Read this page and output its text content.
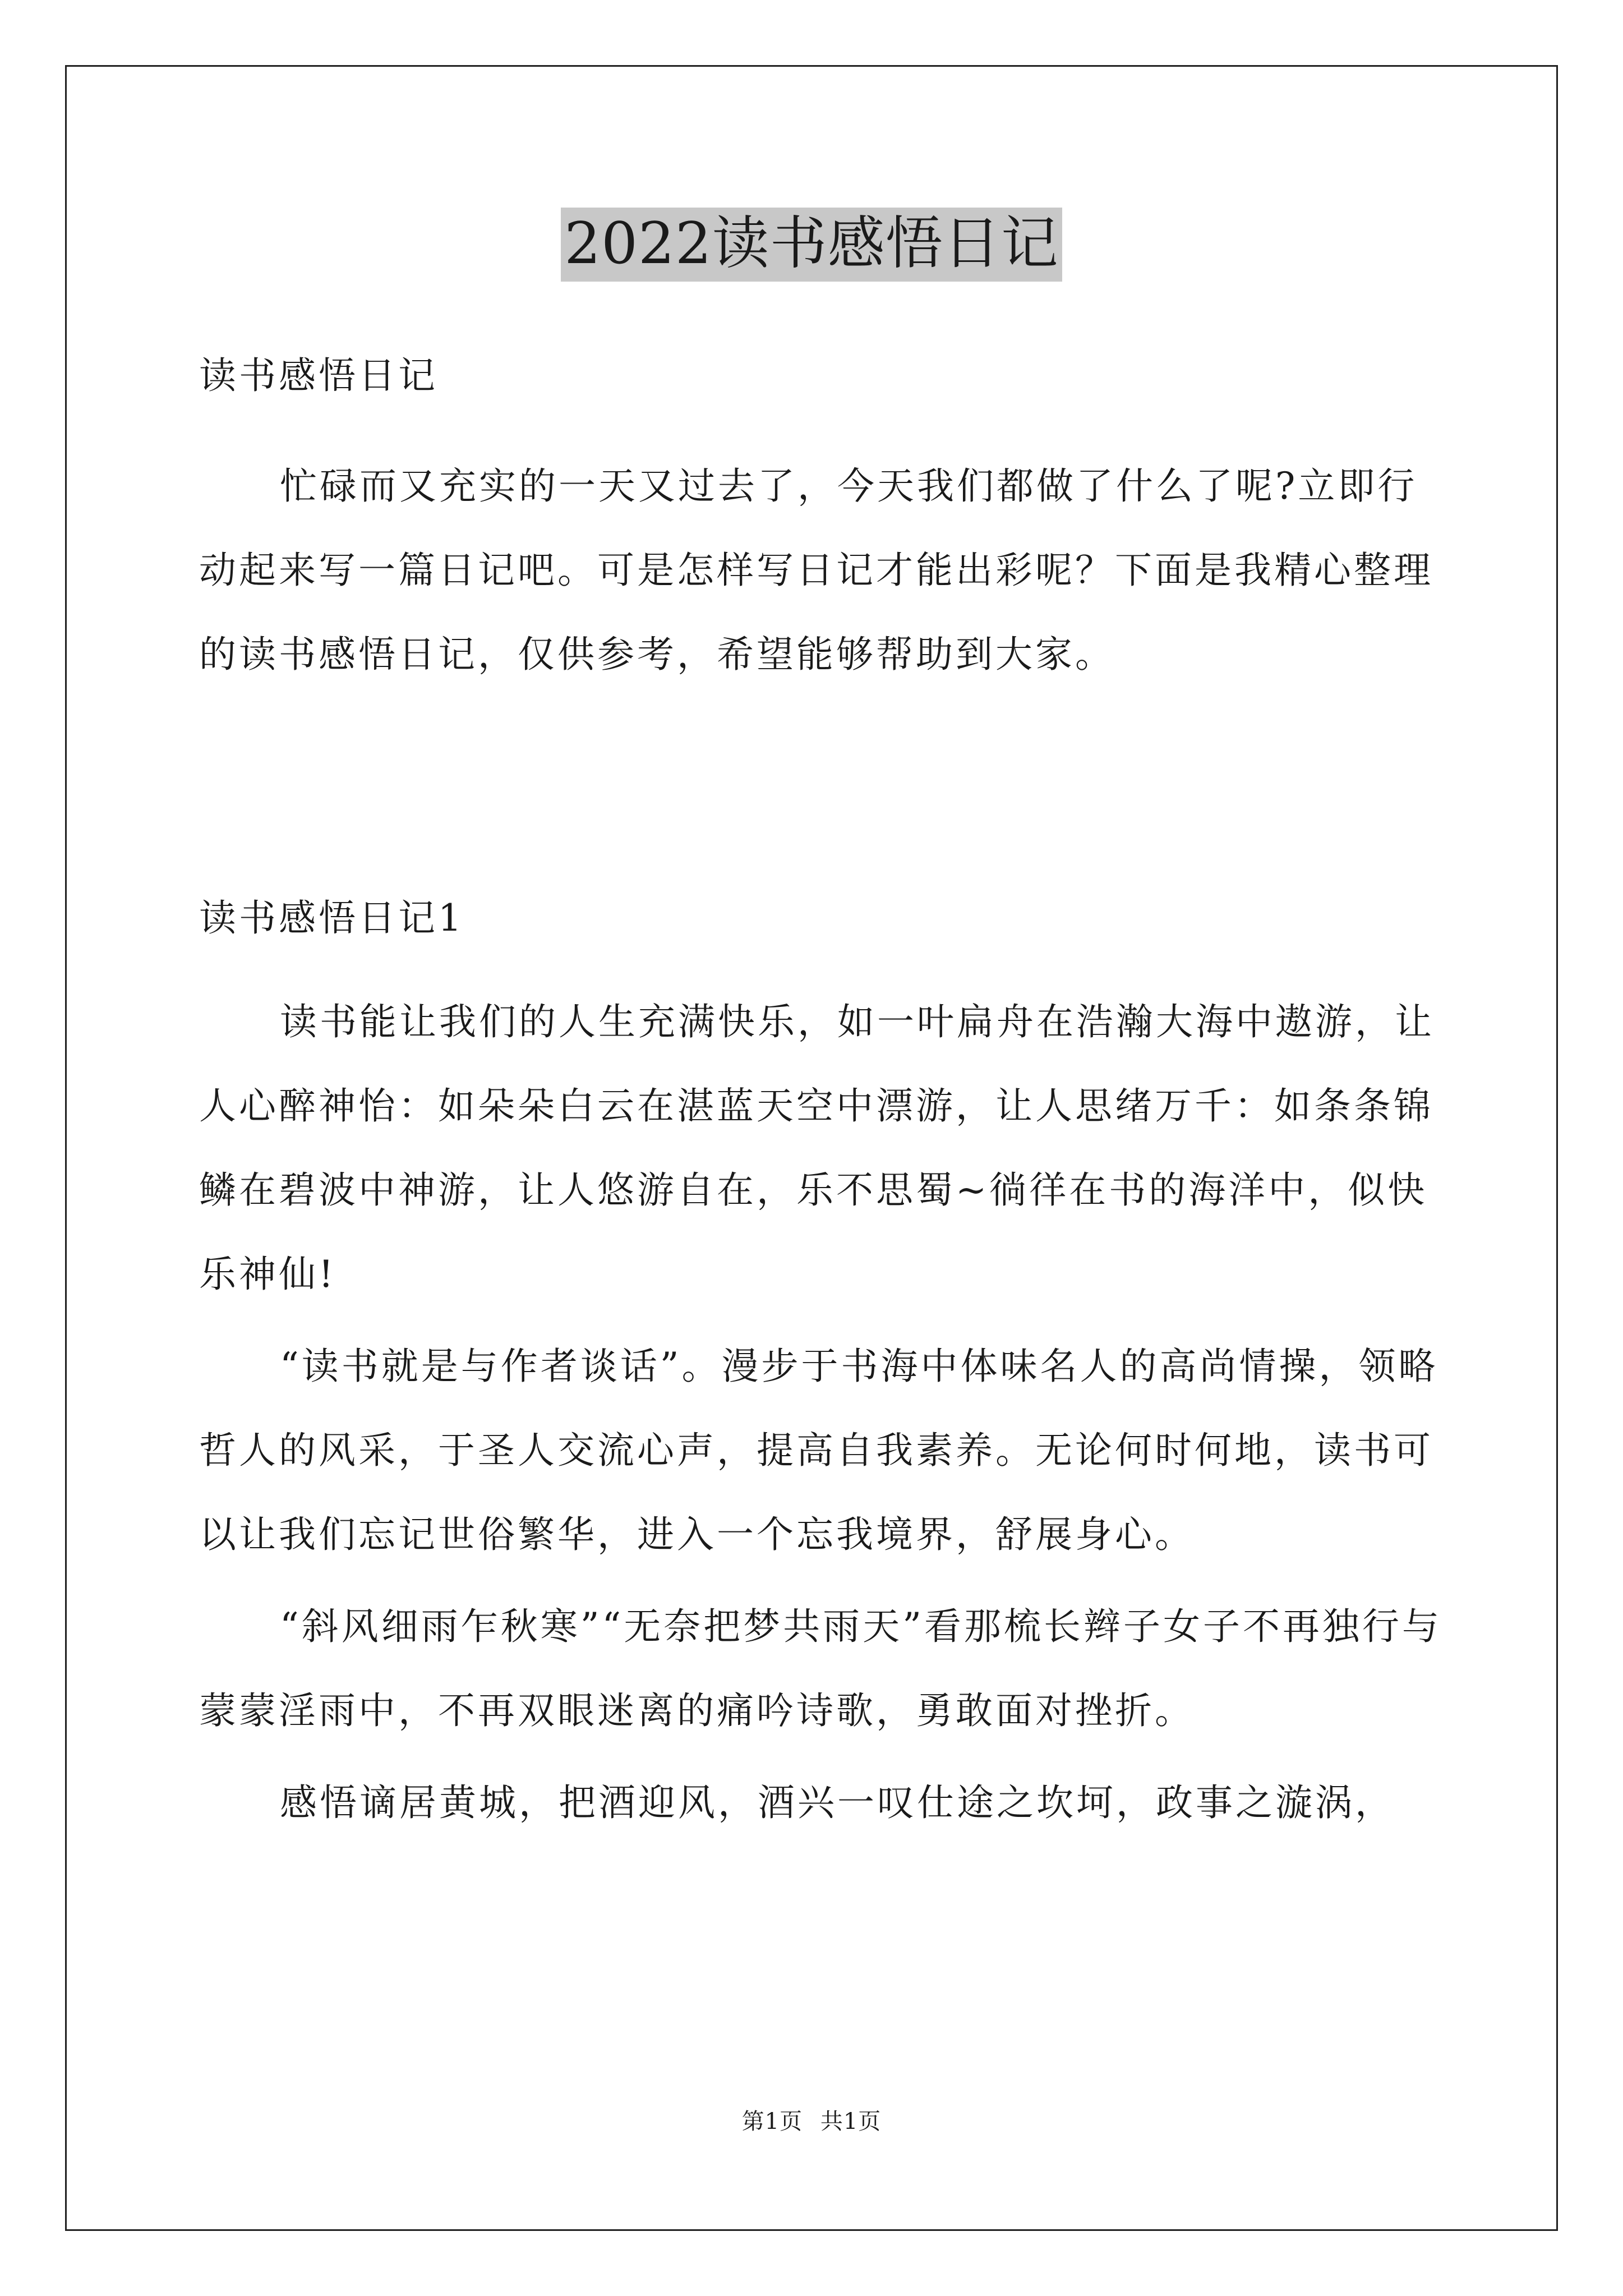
2022读书感悟日记

读书感悟日记

忙碌而又充实的一天又过去了，今天我们都做了什么了呢?立即行动起来写一篇日记吧。可是怎样写日记才能出彩呢？下面是我精心整理的读书感悟日记，仅供参考，希望能够帮助到大家。

读书感悟日记1

读书能让我们的人生充满快乐，如一叶扁舟在浩瀚大海中遨游，让人心醉神怡：如朵朵白云在湛蓝天空中漂游，让人思绪万千：如条条锦鳞在碧波中神游，让人悠游自在，乐不思蜀~徜徉在书的海洋中，似快乐神仙!

“读书就是与作者谈话”。漫步于书海中体味名人的高尚情操，领略哲人的风采，于圣人交流心声，提高自我素养。无论何时何地，读书可以让我们忘记世俗繁华，进入一个忘我境界，舒展身心。

“斜风细雨乍秋寒”“无奈把梦共雨天”看那梳长辫子女子不再独行与蒙蒙淫雨中，不再双眼迷离的痛吟诗歌，勇敢面对挫折。

感悟谪居黄城，把酒迎风，酒兴一叹仕途之坎坷，政事之漩涡，

第1页 共1页
